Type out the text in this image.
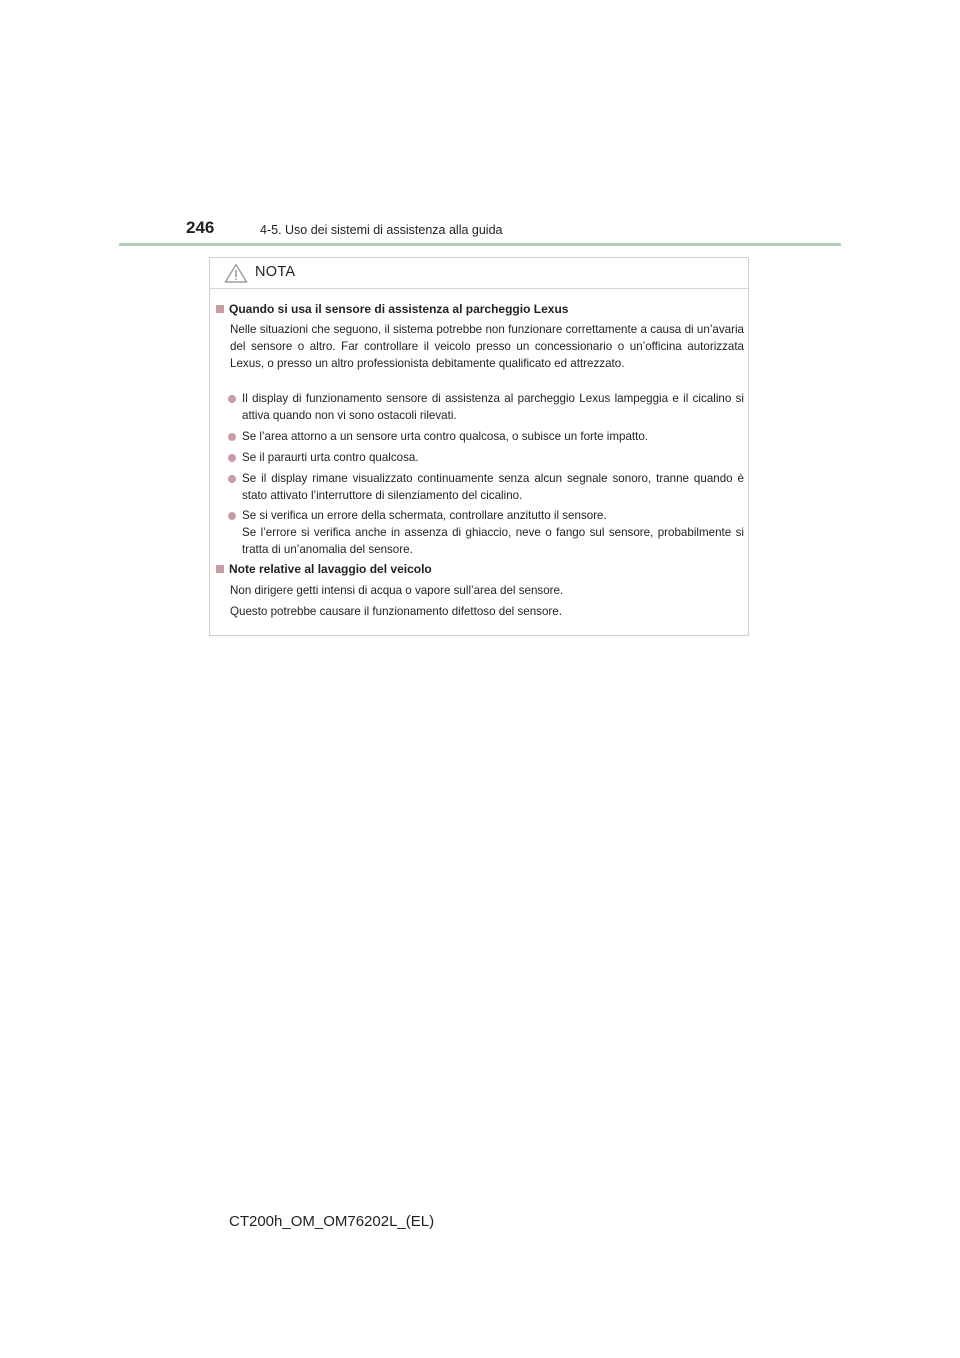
246	4-5. Uso dei sistemi di assistenza alla guida
NOTA
Quando si usa il sensore di assistenza al parcheggio Lexus
Nelle situazioni che seguono, il sistema potrebbe non funzionare correttamente a causa di un’avaria del sensore o altro. Far controllare il veicolo presso un concessionario o un’officina autorizzata Lexus, o presso un altro professionista debitamente qualificato ed attrezzato.
Il display di funzionamento sensore di assistenza al parcheggio Lexus lampeggia e il cicalino si attiva quando non vi sono ostacoli rilevati.
Se l’area attorno a un sensore urta contro qualcosa, o subisce un forte impatto.
Se il paraurti urta contro qualcosa.
Se il display rimane visualizzato continuamente senza alcun segnale sonoro, tranne quando è stato attivato l’interruttore di silenziamento del cicalino.
Se si verifica un errore della schermata, controllare anzitutto il sensore.
Se l’errore si verifica anche in assenza di ghiaccio, neve o fango sul sensore, probabilmente si tratta di un’anomalia del sensore.
Note relative al lavaggio del veicolo
Non dirigere getti intensi di acqua o vapore sull’area del sensore.
Questo potrebbe causare il funzionamento difettoso del sensore.
CT200h_OM_OM76202L_(EL)
